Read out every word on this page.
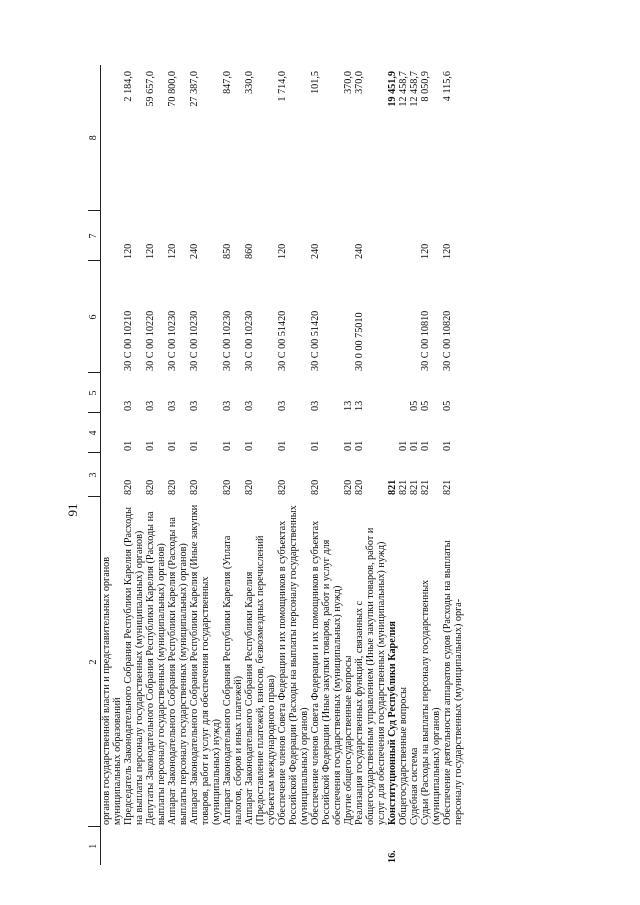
91
1	2	3	4	5	6	7	8
	органов государственной власти и представительных органов муниципальных образований						
	Председатель Законодательного Собрания Республики Карелия (Расходы на выплаты персоналу государственных (муниципальных) органов)	820	01	03	30 С 00 10210	120	2 184,0
	Депутаты Законодательного Собрания Республики Карелия (Расходы на выплаты персоналу государственных (муниципальных) органов)	820	01	03	30 С 00 10220	120	59 657,0
	Аппарат Законодательного Собрания Республики Карелия (Расходы на выплаты персоналу государственных (муниципальных) органов)	820	01	03	30 С 00 10230	120	70 800,0
	Аппарат Законодательного Собрания Республики Карелия (Иные закупки товаров, работ и услуг для обеспечения государственных (муниципальных) нужд)	820	01	03	30 С 00 10230	240	27 387,0
	Аппарат Законодательного Собрания Республики Карелия (Уплата налогов, сборов и иных платежей)	820	01	03	30 С 00 10230	850	847,0
	Аппарат Законодательного Собрания Республики Карелия (Предоставление платежей, взносов, безвозмездных перечислений субъектам международного права)	820	01	03	30 С 00 10230	860	330,0
	Обеспечение членов Совета Федерации и их помощников в субъектах Российской Федерации (Расходы на выплаты персоналу государственных (муниципальных) органов)	820	01	03	30 С 00 51420	120	1 714,0
	Обеспечение членов Совета Федерации и их помощников в субъектах Российской Федерации (Иные закупки товаров, работ и услуг для обеспечения государственных (муниципальных) нужд)	820	01	03	30 С 00 51420	240	101,5
	Другие общегосударственные вопросы	820	01	13			370,0
	Реализация государственных функций, связанных с общегосударственным управлением (Иные закупки товаров, работ и услуг для обеспечения государственных (муниципальных) нужд)	820	01	13	30 0 00 75010	240	370,0
16.	Конституционный Суд Республики Карелия	821					19 451,9
	Общегосударственные вопросы	821	01				12 458,7
	Судебная система	821	01	05			12 458,7
	Судьи (Расходы на выплаты персоналу государственных (муниципальных) органов)	821	01	05	30 С 00 10810	120	8 050,9
	Обеспечение деятельности аппаратов судов (Расходы на выплаты персоналу государственных (муниципальных) орга-	821	01	05	30 С 00 10820	120	4 115,6
